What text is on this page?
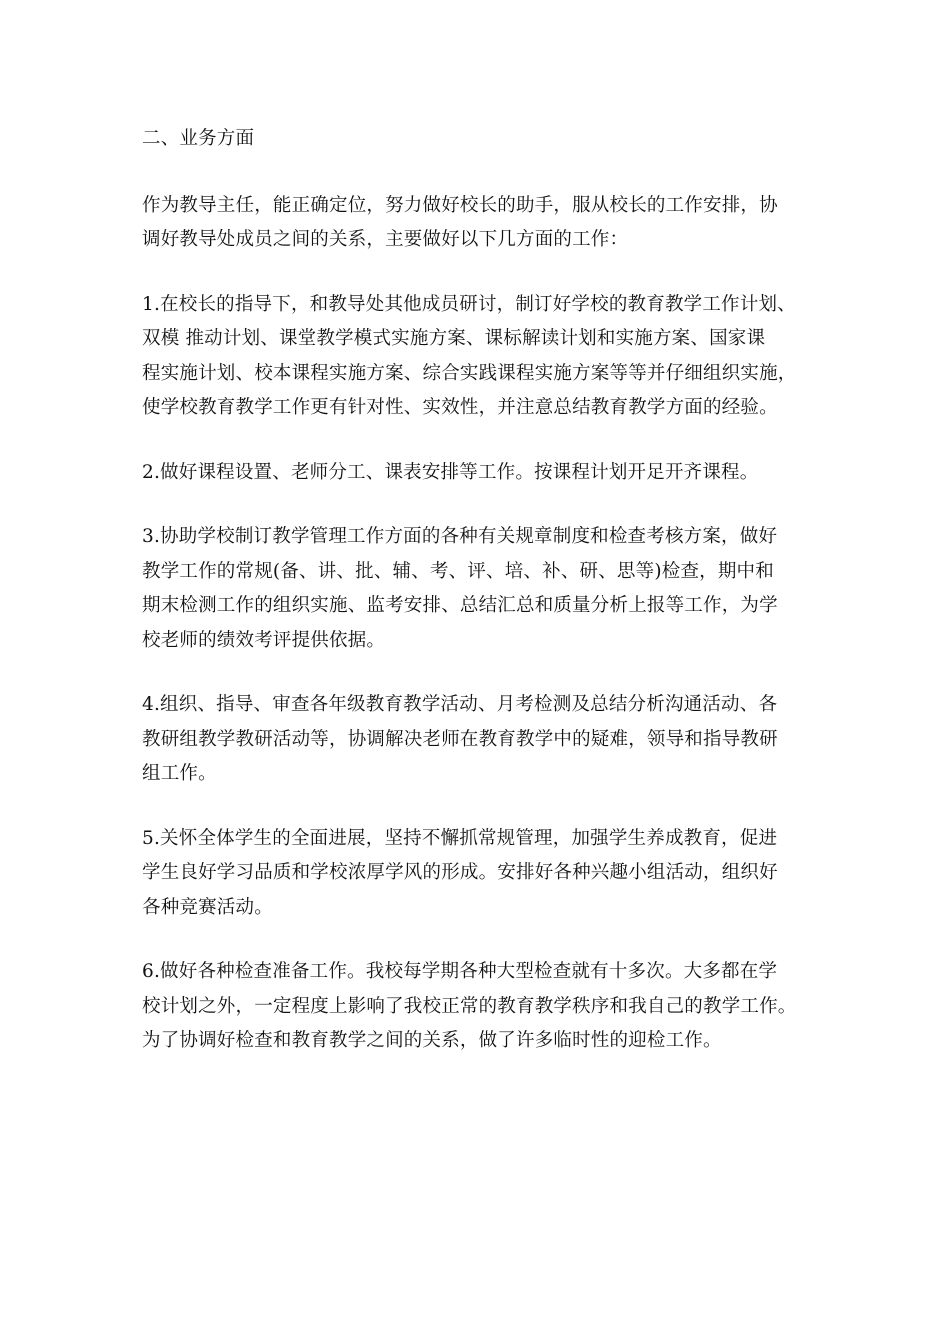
二、业务方面
作为教导主任，能正确定位，努力做好校长的助手，服从校长的工作安排，协
调好教导处成员之间的关系，主要做好以下几方面的工作：
1.在校长的指导下，和教导处其他成员研讨，制订好学校的教育教学工作计划、
双模 推动计划、课堂教学模式实施方案、课标解读计划和实施方案、国家课
程实施计划、校本课程实施方案、综合实践课程实施方案等等并仔细组织实施，
使学校教育教学工作更有针对性、实效性，并注意总结教育教学方面的经验。
2.做好课程设置、老师分工、课表安排等工作。按课程计划开足开齐课程。
3.协助学校制订教学管理工作方面的各种有关规章制度和检查考核方案，做好
教学工作的常规(备、讲、批、辅、考、评、培、补、研、思等)检查，期中和
期末检测工作的组织实施、监考安排、总结汇总和质量分析上报等工作，为学
校老师的绩效考评提供依据。
4.组织、指导、审查各年级教育教学活动、月考检测及总结分析沟通活动、各
教研组教学教研活动等，协调解决老师在教育教学中的疑难，领导和指导教研
组工作。
5.关怀全体学生的全面进展，坚持不懈抓常规管理，加强学生养成教育，促进
学生良好学习品质和学校浓厚学风的形成。安排好各种兴趣小组活动，组织好
各种竞赛活动。
6.做好各种检查准备工作。我校每学期各种大型检查就有十多次。大多都在学
校计划之外，一定程度上影响了我校正常的教育教学秩序和我自己的教学工作。
为了协调好检查和教育教学之间的关系，做了许多临时性的迎检工作。
